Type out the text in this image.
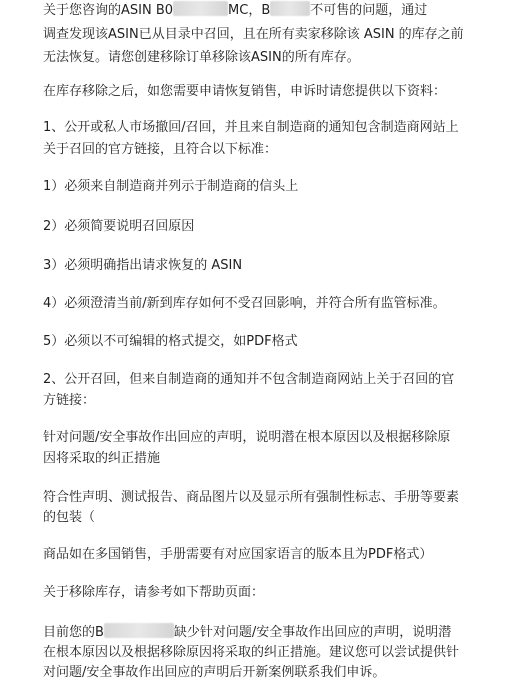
关于您咨询的ASIN B0	MC，B	不可售的问题，通过
调查发现该ASIN已从目录中召回，且在所有卖家移除该 ASIN 的库存之前
无法恢复。请您创建移除订单移除该ASIN的所有库存。
在库存移除之后，如您需要申请恢复销售，申诉时请您提供以下资料：
1、公开或私人市场撤回/召回，并且来自制造商的通知包含制造商网站上
关于召回的官方链接，且符合以下标准：
1）必须来自制造商并列示于制造商的信头上
2）必须简要说明召回原因
3）必须明确指出请求恢复的 ASIN
4）必须澄清当前/新到库存如何不受召回影响，并符合所有监管标准。
5）必须以不可编辑的格式提交，如PDF格式
2、公开召回，但来自制造商的通知并不包含制造商网站上关于召回的官
方链接：
针对问题/安全事故作出回应的声明，说明潜在根本原因以及根据移除原
因将采取的纠正措施
符合性声明、测试报告、商品图片以及显示所有强制性标志、手册等要素
的包装（
商品如在多国销售，手册需要有对应国家语言的版本且为PDF格式）
关于移除库存，请参考如下帮助页面：
目前您的B	缺少针对问题/安全事故作出回应的声明，说明潜
在根本原因以及根据移除原因将采取的纠正措施。建议您可以尝试提供针
对问题/安全事故作出回应的声明后开新案例联系我们申诉。
